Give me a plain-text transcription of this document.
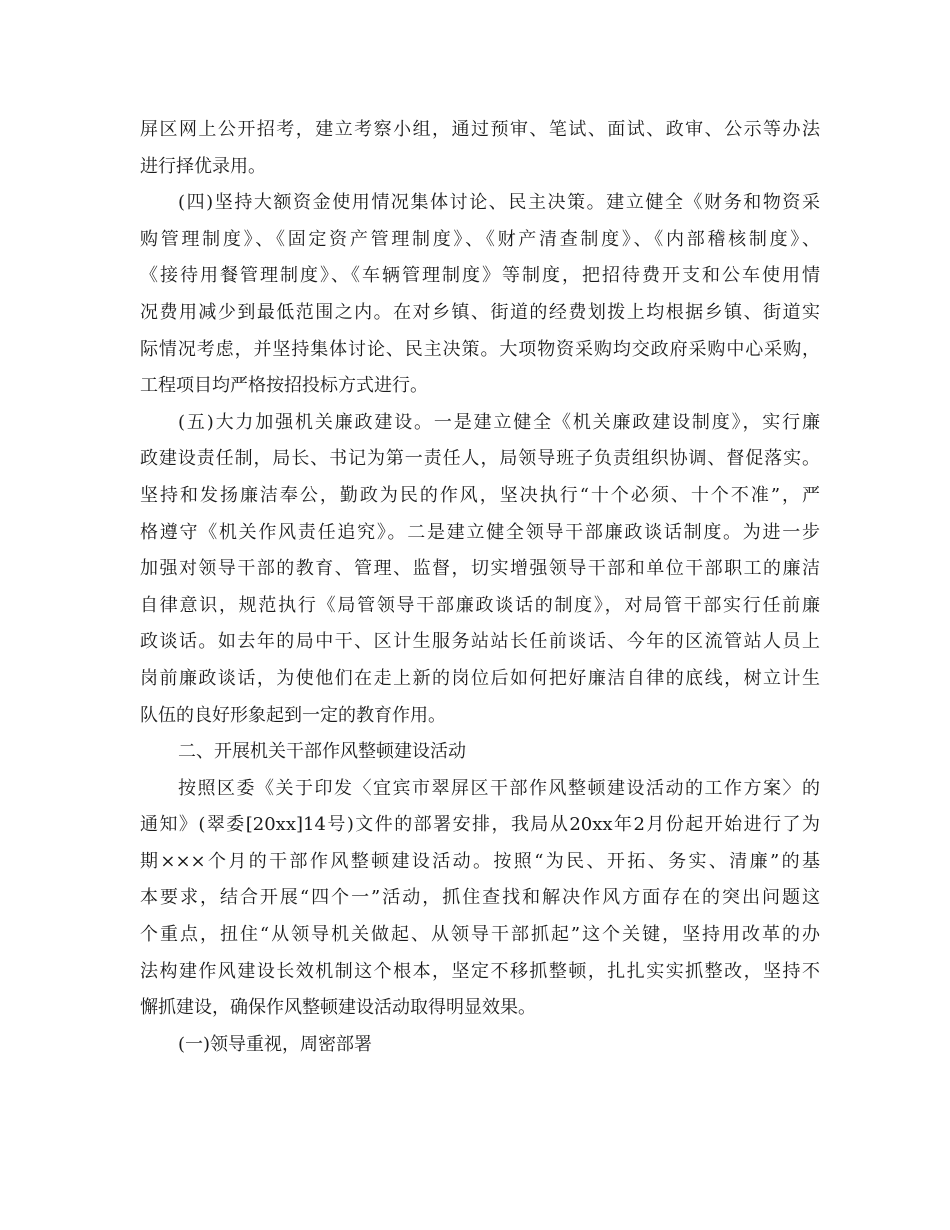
屏区网上公开招考，建立考察小组，通过预审、笔试、面试、政审、公示等办法
进行择优录用。
(四)坚持大额资金使用情况集体讨论、民主决策。建立健全《财务和物资采
购管理制度》、《固定资产管理制度》、《财产清查制度》、《内部稽核制度》、
《接待用餐管理制度》、《车辆管理制度》等制度，把招待费开支和公车使用情
况费用减少到最低范围之内。在对乡镇、街道的经费划拨上均根据乡镇、街道实
际情况考虑，并坚持集体讨论、民主决策。大项物资采购均交政府采购中心采购，
工程项目均严格按招投标方式进行。
(五)大力加强机关廉政建设。一是建立健全《机关廉政建设制度》，实行廉
政建设责任制，局长、书记为第一责任人，局领导班子负责组织协调、督促落实。
坚持和发扬廉洁奉公，勤政为民的作风，坚决执行“十个必须、十个不准”，严
格遵守《机关作风责任追究》。二是建立健全领导干部廉政谈话制度。为进一步
加强对领导干部的教育、管理、监督，切实增强领导干部和单位干部职工的廉洁
自律意识，规范执行《局管领导干部廉政谈话的制度》，对局管干部实行任前廉
政谈话。如去年的局中干、区计生服务站站长任前谈话、今年的区流管站人员上
岗前廉政谈话，为使他们在走上新的岗位后如何把好廉洁自律的底线，树立计生
队伍的良好形象起到一定的教育作用。
二、开展机关干部作风整顿建设活动
按照区委《关于印发〈宜宾市翠屏区干部作风整顿建设活动的工作方案〉的
通知》(翠委[20xx]14号)文件的部署安排，我局从20xx年2月份起开始进行了为
期×××个月的干部作风整顿建设活动。按照“为民、开拓、务实、清廉”的基
本要求，结合开展“四个一”活动，抓住查找和解决作风方面存在的突出问题这
个重点，扭住“从领导机关做起、从领导干部抓起”这个关键，坚持用改革的办
法构建作风建设长效机制这个根本，坚定不移抓整顿，扎扎实实抓整改，坚持不
懈抓建设，确保作风整顿建设活动取得明显效果。
(一)领导重视，周密部署
